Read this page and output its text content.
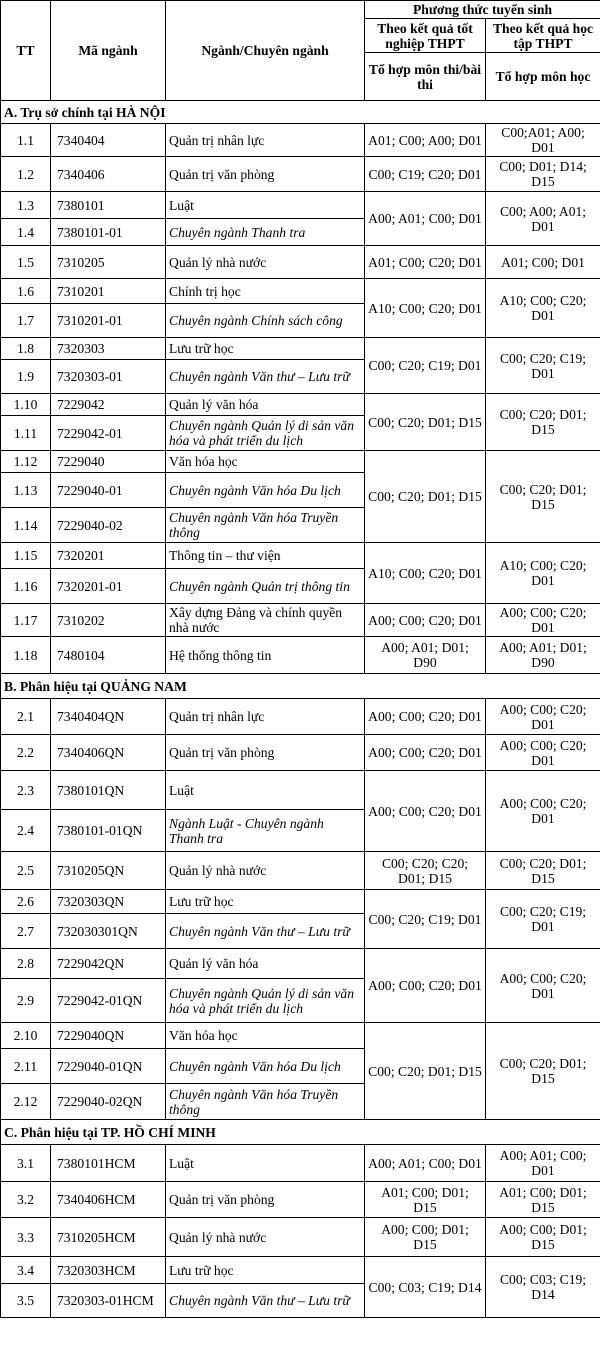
TT	Mã ngành	Ngành/Chuyên ngành	Phương thức tuyển sinh	
			Theo kết quả tốt nghiệp THPT	Theo kết quả học tập THPT
			Tổ hợp môn thi/bài thi	Tổ hợp môn học
A. Trụ sở chính tại HÀ NỘI				
1.1	7340404	Quản trị nhân lực	A01; C00; A00; D01	C00;A01; A00; D01
1.2	7340406	Quản trị văn phòng	C00; C19; C20; D01	C00; D01; D14; D15
1.3	7380101	Luật	A00; A01; C00; D01	C00; A00; A01; D01
1.4	7380101-01	Chuyên ngành Thanh tra		
1.5	7310205	Quản lý nhà nước	A01; C00; C20; D01	A01; C00; D01
1.6	7310201	Chính trị học	A10; C00; C20; D01	A10; C00; C20; D01
1.7	7310201-01	Chuyên ngành Chính sách công		
1.8	7320303	Lưu trữ học	C00; C20; C19; D01	C00; C20; C19; D01
1.9	7320303-01	Chuyên ngành Văn thư – Lưu trữ		
1.10	7229042	Quản lý văn hóa	C00; C20; D01; D15	C00; C20; D01; D15
1.11	7229042-01	Chuyên ngành Quản lý di sản văn hóa và phát triển du lịch		
1.12	7229040	Văn hóa học	C00; C20; D01; D15	C00; C20; D01; D15
1.13	7229040-01	Chuyên ngành Văn hóa Du lịch		
1.14	7229040-02	Chuyên ngành Văn hóa Truyền thông		
1.15	7320201	Thông tin – thư viện	A10; C00; C20; D01	A10; C00; C20; D01
1.16	7320201-01	Chuyên ngành Quản trị thông tin		
1.17	7310202	Xây dựng Đảng và chính quyền nhà nước	A00; C00; C20; D01	A00; C00; C20; D01
1.18	7480104	Hệ thống thông tin	A00; A01; D01; D90	A00; A01; D01; D90
B. Phân hiệu tại QUẢNG NAM				
2.1	7340404QN	Quản trị nhân lực	A00; C00; C20; D01	A00; C00; C20; D01
2.2	7340406QN	Quản trị văn phòng	A00; C00; C20; D01	A00; C00; C20; D01
2.3	7380101QN	Luật	A00; C00; C20; D01	A00; C00; C20; D01
2.4	7380101-01QN	Ngành Luật - Chuyên ngành Thanh tra		
2.5	7310205QN	Quản lý nhà nước	C00; C20; C20; D01; D15	C00; C20; D01; D15
2.6	7320303QN	Lưu trữ học	C00; C20; C19; D01	C00; C20; C19; D01
2.7	732030301QN	Chuyên ngành Văn thư – Lưu trữ		
2.8	7229042QN	Quản lý văn hóa	A00; C00; C20; D01	A00; C00; C20; D01
2.9	7229042-01QN	Chuyên ngành Quản lý di sản văn hóa và phát triển du lịch		
2.10	7229040QN	Văn hóa học	C00; C20; D01; D15	C00; C20; D01; D15
2.11	7229040-01QN	Chuyên ngành Văn hóa Du lịch		
2.12	7229040-02QN	Chuyên ngành Văn hóa Truyền thông		
C. Phân hiệu tại TP. HỒ CHÍ MINH				
3.1	7380101HCM	Luật	A00; A01; C00; D01	A00; A01; C00; D01
3.2	7340406HCM	Quản trị văn phòng	A01; C00; D01; D15	A01; C00; D01; D15
3.3	7310205HCM	Quản lý nhà nước	A00; C00; D01; D15	A00; C00; D01; D15
3.4	7320303HCM	Lưu trữ học	C00; C03; C19; D14	C00; C03; C19; D14
3.5	7320303-01HCM	Chuyên ngành Văn thư – Lưu trữ		
